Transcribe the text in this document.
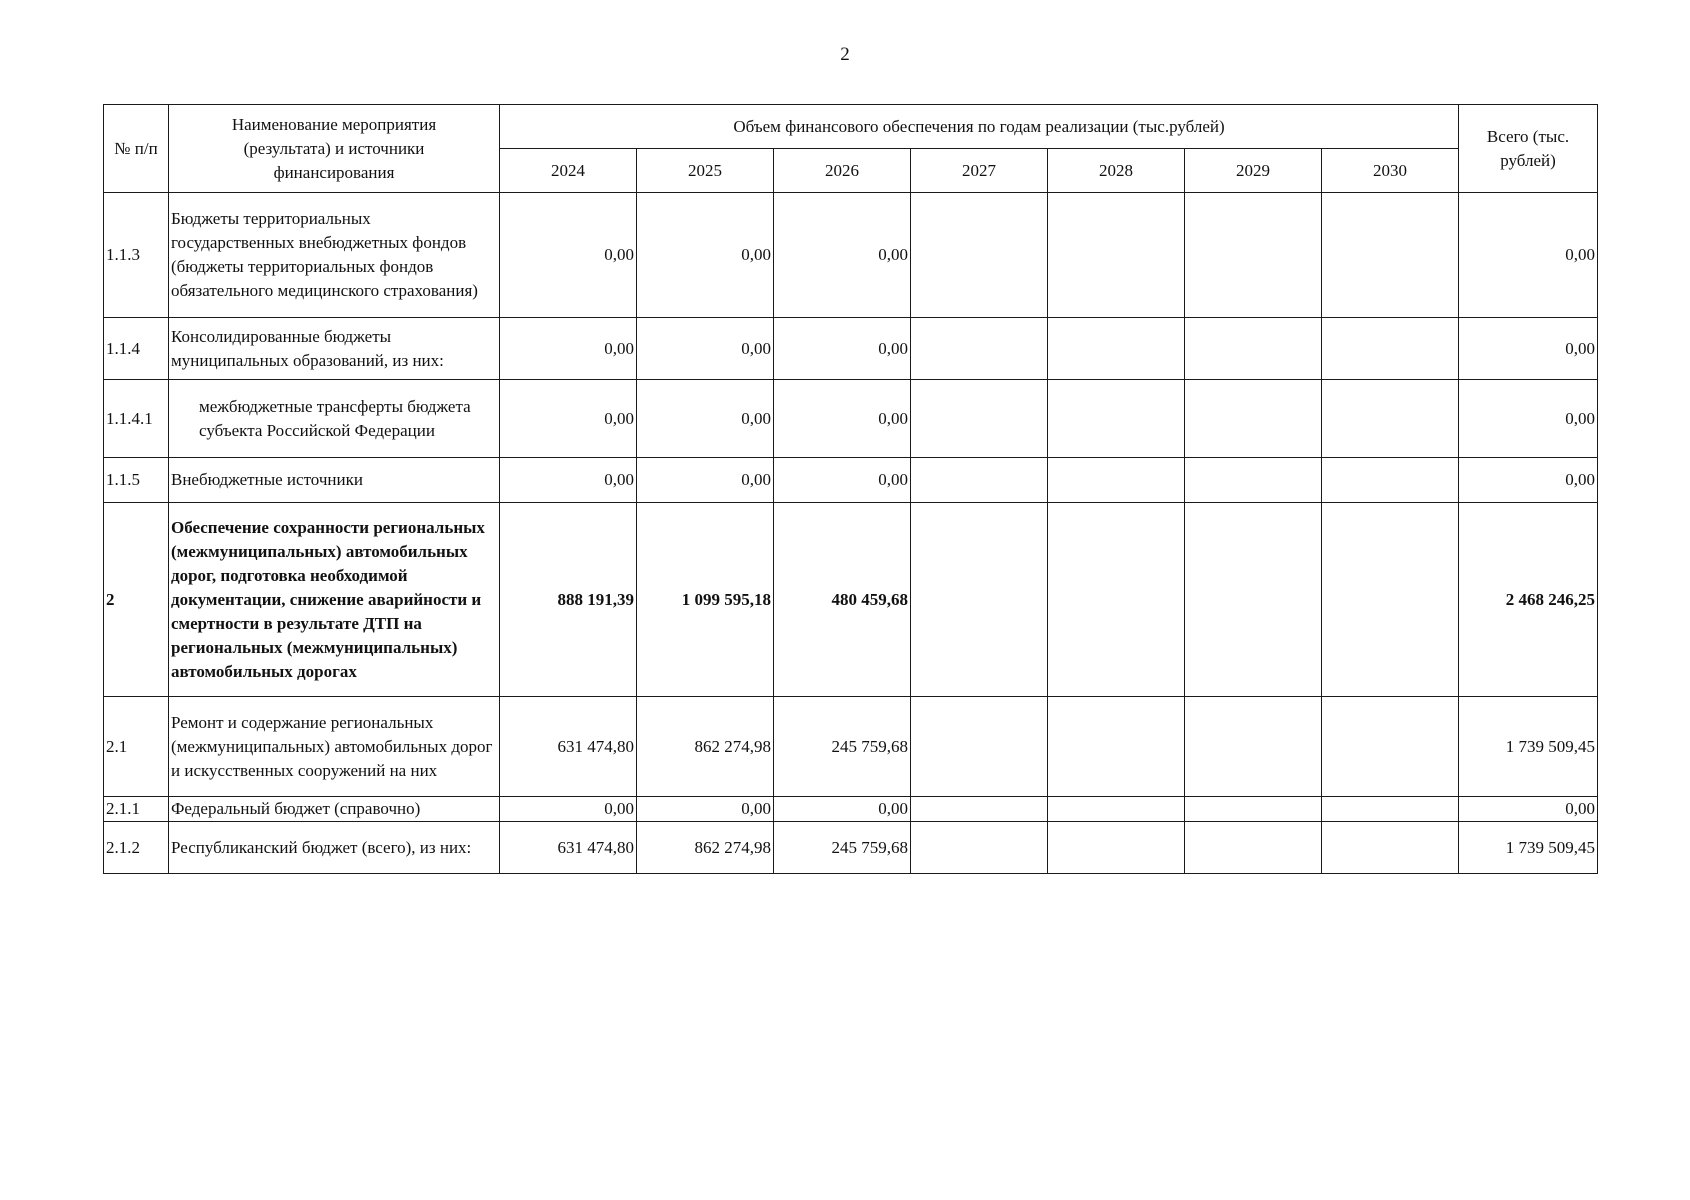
2
№ п/п	Наименование мероприятия (результата) и источники финансирования	Объем финансового обеспечения по годам реализации (тыс.рублей)							Всего (тыс. рублей)
		2024	2025	2026	2027	2028	2029	2030	
1.1.3	Бюджеты территориальных государственных внебюджетных фондов (бюджеты территориальных фондов обязательного медицинского страхования)	0,00	0,00	0,00					0,00
1.1.4	Консолидированные бюджеты муниципальных образований, из них:	0,00	0,00	0,00					0,00
1.1.4.1	межбюджетные трансферты бюджета субъекта Российской Федерации	0,00	0,00	0,00					0,00
1.1.5	Внебюджетные источники	0,00	0,00	0,00					0,00
2	Обеспечение сохранности региональных (межмуниципальных) автомобильных дорог, подготовка необходимой документации, снижение аварийности и смертности в результате ДТП на региональных (межмуниципальных) автомобильных дорогах	888 191,39	1 099 595,18	480 459,68					2 468 246,25
2.1	Ремонт и содержание региональных (межмуниципальных) автомобильных дорог и искусственных сооружений на них	631 474,80	862 274,98	245 759,68					1 739 509,45
2.1.1	Федеральный бюджет (справочно)	0,00	0,00	0,00					0,00
2.1.2	Республиканский бюджет (всего), из них:	631 474,80	862 274,98	245 759,68					1 739 509,45
